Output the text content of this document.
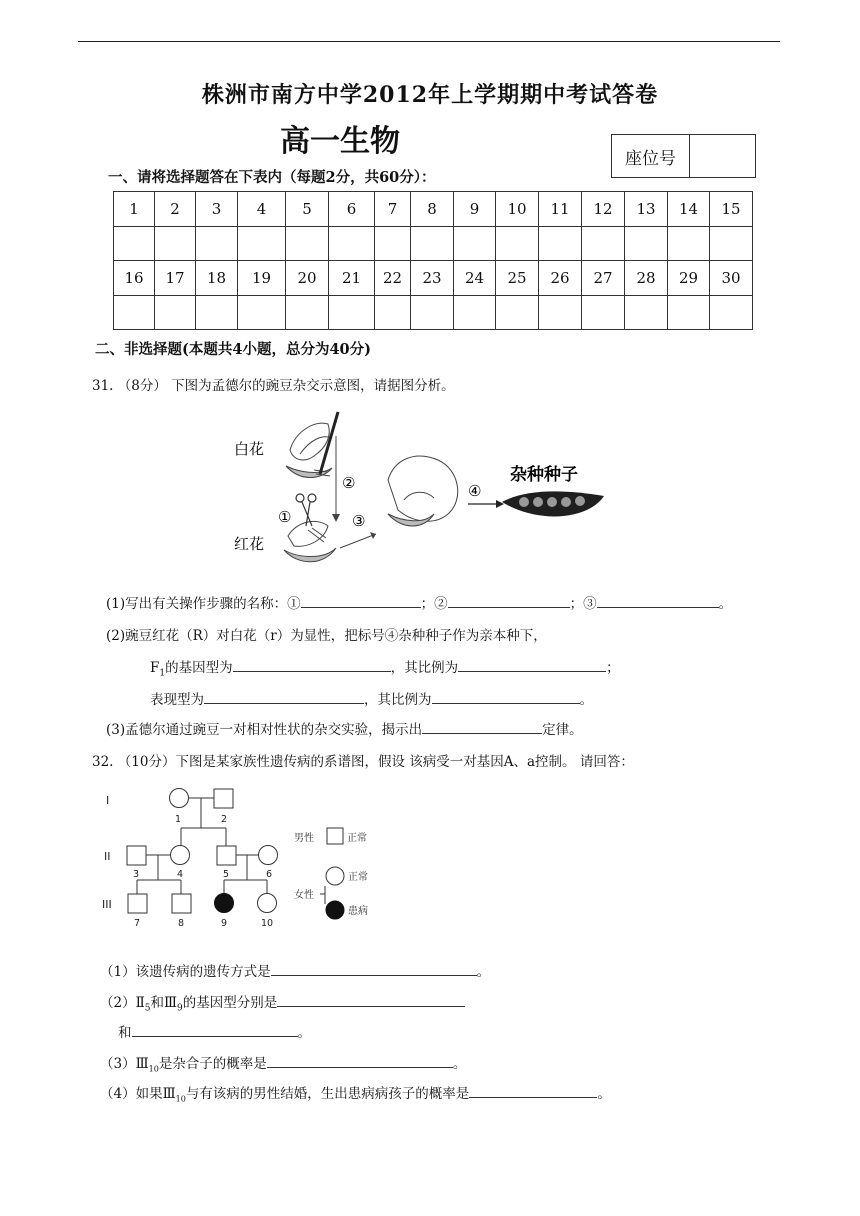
株洲市南方中学2012年上学期期中考试答卷
高一生物	座位号
一、请将选择题答在下表内（每题2分，共60分）：
1	2	3	4	5	6	7	8	9	10	11	12	13	14	15

16	17	18	19	20	21	22	23	24	25	26	27	28	29	30

二、非选择题(本题共4小题，总分为40分)
31. （8分） 下图为孟德尔的豌豆杂交示意图，请据图分析。
白花
红花
①
②
③
④
杂种种子
(1)写出有关操作步骤的名称：①	；②	；③	。
(2)豌豆红花（R）对白花（r）为显性，把标号④杂种种子作为亲本种下，
$F_1$的基因型为	，其比例为	；
表现型为	，其比例为	。
(3)孟德尔通过豌豆一对相对性状的杂交实验，揭示出	定律。
32. （10分）下图是某家族性遗传病的系谱图，假设 该病受一对基因A、a控制。 请回答：
I
II
III
1	2
3	4	5	6
7	8	9	10
男性	正常
女性
正常
患病
（1）该遗传病的遗传方式是	。
$(2)Ⅱ_5$和$Ⅲ_9$的基因型分别是
和	。
$(3)Ⅲ_{10}$是杂合子的概率是	。
（4）如果$Ⅲ_{10}$与有该病的男性结婚，生出患病病孩子的概率是	。
